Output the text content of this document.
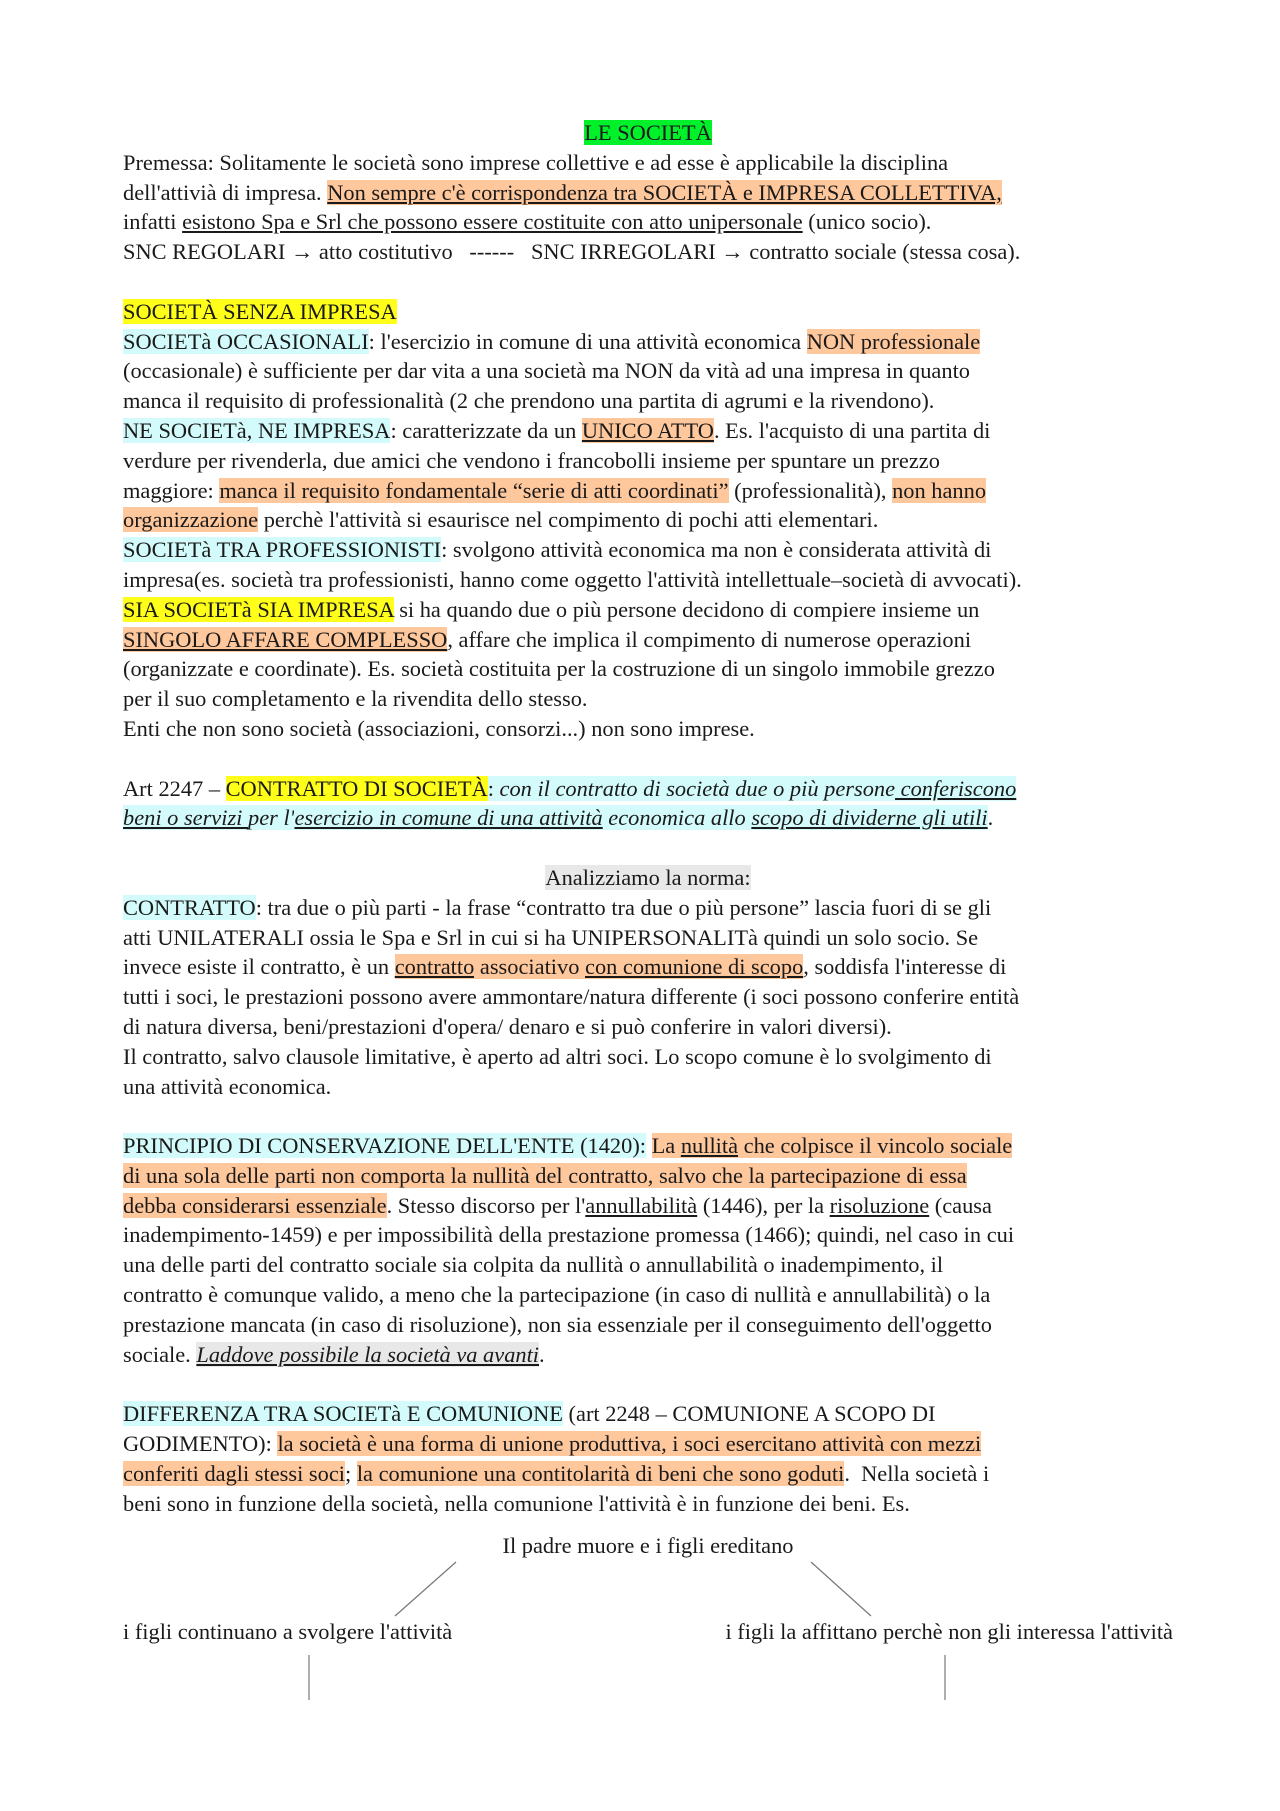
LE SOCIETÀ
Premessa: Solitamente le società sono imprese collettive e ad esse è applicabile la disciplina
dell'attivià di impresa. Non sempre c'è corrispondenza tra SOCIETÀ e IMPRESA COLLETTIVA,
infatti esistono Spa e Srl che possono essere costituite con atto unipersonale (unico socio).
SNC REGOLARI → atto costitutivo   ------   SNC IRREGOLARI → contratto sociale (stessa cosa).
SOCIETÀ SENZA IMPRESA
SOCIETà OCCASIONALI: l'esercizio in comune di una attività economica NON professionale
(occasionale) è sufficiente per dar vita a una società ma NON da vità ad una impresa in quanto
manca il requisito di professionalità (2 che prendono una partita di agrumi e la rivendono).
NE SOCIETà, NE IMPRESA: caratterizzate da un UNICO ATTO. Es. l'acquisto di una partita di
verdure per rivenderla, due amici che vendono i francobolli insieme per spuntare un prezzo
maggiore: manca il requisito fondamentale “serie di atti coordinati” (professionalità), non hanno
organizzazione perchè l'attività si esaurisce nel compimento di pochi atti elementari.
SOCIETà TRA PROFESSIONISTI: svolgono attività economica ma non è considerata attività di
impresa(es. società tra professionisti, hanno come oggetto l'attività intellettuale–società di avvocati).
SIA SOCIETà SIA IMPRESA si ha quando due o più persone decidono di compiere insieme un
SINGOLO AFFARE COMPLESSO, affare che implica il compimento di numerose operazioni
(organizzate e coordinate). Es. società costituita per la costruzione di un singolo immobile grezzo
per il suo completamento e la rivendita dello stesso.
Enti che non sono società (associazioni, consorzi...) non sono imprese.
Art 2247 – CONTRATTO DI SOCIETÀ: con il contratto di società due o più persone conferiscono
beni o servizi per l'esercizio in comune di una attività economica allo scopo di dividerne gli utili.
Analizziamo la norma:
CONTRATTO: tra due o più parti - la frase “contratto tra due o più persone” lascia fuori di se gli
atti UNILATERALI ossia le Spa e Srl in cui si ha UNIPERSONALITà quindi un solo socio. Se
invece esiste il contratto, è un contratto associativo con comunione di scopo, soddisfa l'interesse di
tutti i soci, le prestazioni possono avere ammontare/natura differente (i soci possono conferire entità
di natura diversa, beni/prestazioni d'opera/ denaro e si può conferire in valori diversi).
Il contratto, salvo clausole limitative, è aperto ad altri soci. Lo scopo comune è lo svolgimento di
una attività economica.
PRINCIPIO DI CONSERVAZIONE DELL'ENTE (1420): La nullità che colpisce il vincolo sociale
di una sola delle parti non comporta la nullità del contratto, salvo che la partecipazione di essa
debba considerarsi essenziale. Stesso discorso per l'annullabilità (1446), per la risoluzione (causa
inadempimento-1459) e per impossibilità della prestazione promessa (1466); quindi, nel caso in cui
una delle parti del contratto sociale sia colpita da nullità o annullabilità o inadempimento, il
contratto è comunque valido, a meno che la partecipazione (in caso di nullità e annullabilità) o la
prestazione mancata (in caso di risoluzione), non sia essenziale per il conseguimento dell'oggetto
sociale. Laddove possibile la società va avanti.
DIFFERENZA TRA SOCIETà E COMUNIONE (art 2248 – COMUNIONE A SCOPO DI
GODIMENTO): la società è una forma di unione produttiva, i soci esercitano attività con mezzi
conferiti dagli stessi soci; la comunione una contitolarità di beni che sono goduti.  Nella società i
beni sono in funzione della società, nella comunione l'attività è in funzione dei beni. Es.
Il padre muore e i figli ereditano
i figli continuano a svolgere l'attività	i figli la affittano perchè non gli interessa l'attività
